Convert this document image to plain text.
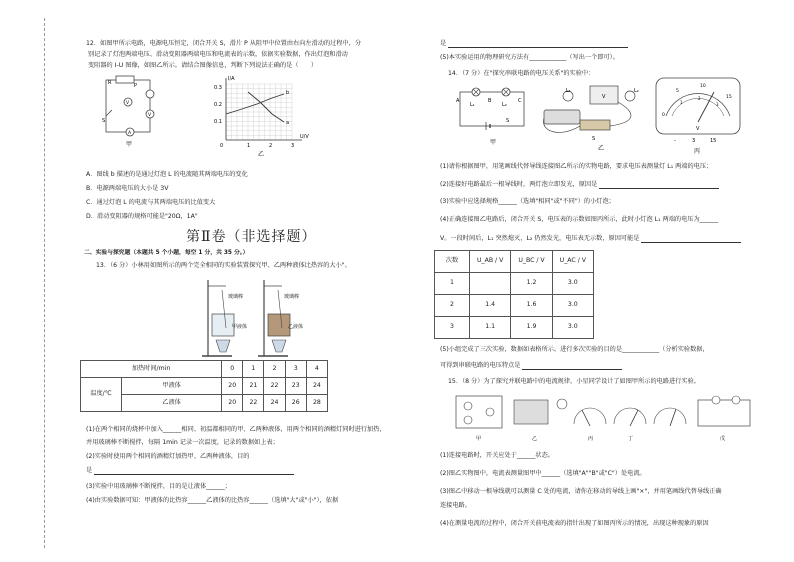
12．如图甲所示电路，电源电压恒定，闭合开关 S，滑片 P 从阻甲中位置由右向左滑动的过程中，分
别记录了灯泡两端电压、滑动变阻器两端电压和电流表的示数，依据实验数据，作出灯泡和滑动
变阻器的 I-U 图像，如图乙所示。请结合图像信息，判断下列说法正确的是（　　）
R	P
V
V
A
S
甲
I/A
U/V
0.3
0.2
0.1
0	1	2	3
b
a
乙
A．图线 b 描述的是通过灯泡 L 的电流随其两端电压的变化
B．电源两端电压的大小是 3V
C．通过灯泡 L 的电流与其两端电压的比值变大
D．滑动变阻器的规格可能是"20Ω，1A"
第Ⅱ卷（非选择题）
二、实验与探究题（本题共 5 个小题，每空 1 分，共 35 分。）
13．（6 分）小林用如图所示的两个完全相同的实验装置探究甲、乙两种液体比热容的大小"。
玻璃棒
甲液体
玻璃棒
乙液体
加热时间/min		0	1	2	3	4
温度/℃	甲液体	20	21	22	23	24
	乙液体	20	22	24	26	28
(1)在两个相同的烧杯中加入______相同、初温都相同的甲、乙两种液体，用两个相同的酒精灯同时进行加热，
并用玻璃棒不断搅拌，每隔 1min 记录一次温度，记录的数据如上表；
(2)实验时使用两个相同的酒精灯加热甲、乙两种液体，目的
是
(3)实验中用玻璃棒不断搅拌，目的是让液体______；
(4)由实验数据可知：甲液体的比热容______乙液体的比热容______（选填"大"或"小"），依据
是
(5)本实验运用的物理研究方法有____________（写出一个即可）。
14．（7 分）在"探究串联电路的电压关系"的实验中：
A	B	C
L₁	L₂
S
甲
V
S
L₁	L₂
乙
0
5
10
15
1
2
3
V
-	3	15
丙
(1)请你根据图甲，用笔画线代替导线连接图乙所示的实物电路，要求电压表测量灯 L₁ 两端的电压；
(2)连接好电路最后一根导线时，两灯泡立即发光，原因是
(3)实验中应选择规格______（选填"相同"或"不同"）的小灯泡；
(4)正确连接图乙电路后，闭合开关 S，电压表的示数如图丙所示，此时小灯泡 L₁ 两端的电压为______
V。一段时间后，L₁ 突然熄灭，L₂ 仍然发光，电压表无示数，原因可能是
次数	U_AB / V	U_BC / V	U_AC / V
1		1.2	3.0
2	1.4	1.6	3.0
3	1.1	1.9	3.0
(5)小组完成了三次实验，数据如表格所示。进行多次实验的目的是____________（分析实验数据，
可得到串联电路的电压特点是
15．（8 分）为了探究并联电路中的电流规律，小星同学设计了如图甲所示的电路进行实验。
甲	乙	丙	丁	戊
(1)连接电路时，开关应处于______状态。
(2)图乙实物图中，电流表测量图甲中______（选填"A""B"或"C"）处电流。
(3)图乙中移动一根导线就可以测量 C 处的电流，请你在移动的导线上画"×"，并用笔画线代替导线正确
连接电路。
(4)在测量电流的过程中，闭合开关前电流表的指针出现了如图丙所示的情况，出现这种现象的原因
